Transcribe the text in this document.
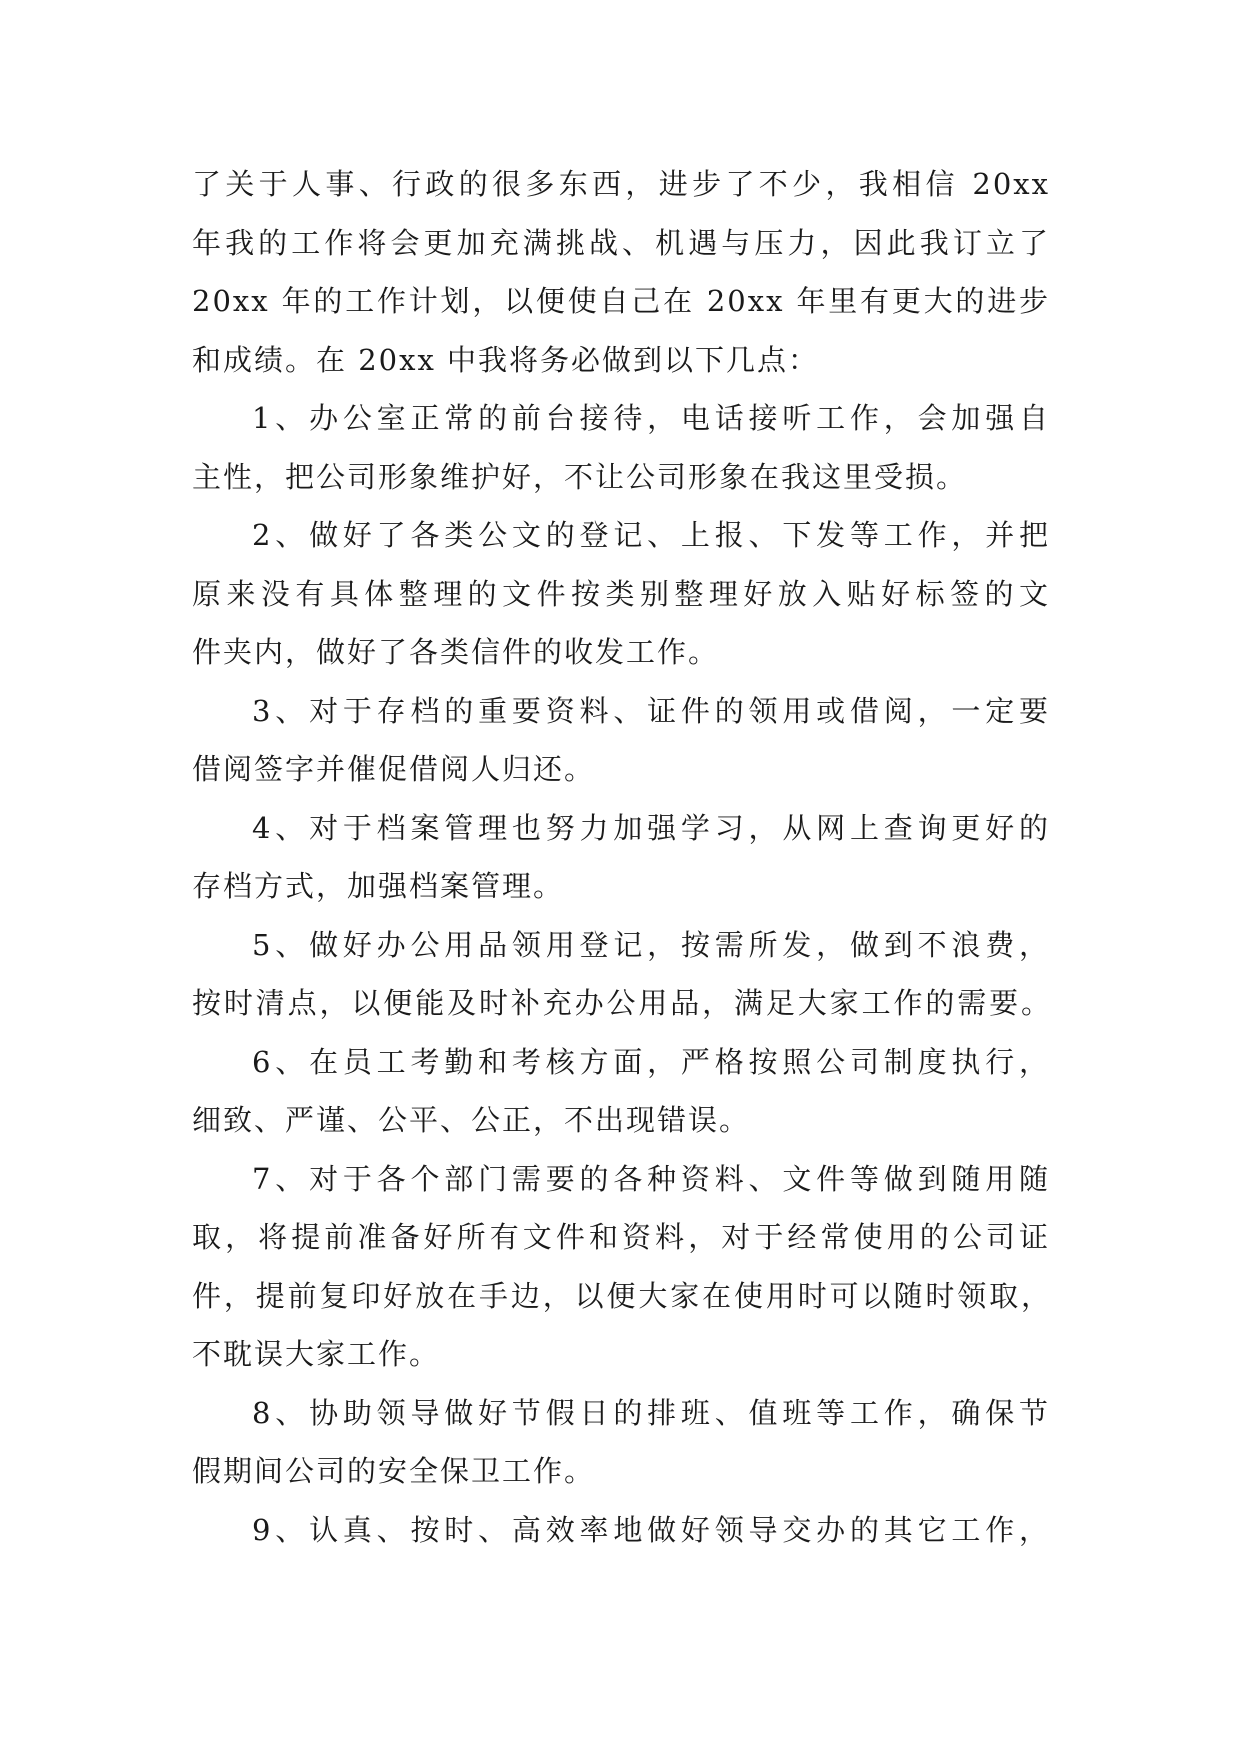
了关于人事、行政的很多东西，进步了不少，我相信 20xx
年我的工作将会更加充满挑战、机遇与压力，因此我订立了
20xx 年的工作计划，以便使自己在 20xx 年里有更大的进步
和成绩。在 20xx 中我将务必做到以下几点：
1、办公室正常的前台接待，电话接听工作，会加强自
主性，把公司形象维护好，不让公司形象在我这里受损。
2、做好了各类公文的登记、上报、下发等工作，并把
原来没有具体整理的文件按类别整理好放入贴好标签的文
件夹内，做好了各类信件的收发工作。
3、对于存档的重要资料、证件的领用或借阅，一定要
借阅签字并催促借阅人归还。
4、对于档案管理也努力加强学习，从网上查询更好的
存档方式，加强档案管理。
5、做好办公用品领用登记，按需所发，做到不浪费，
按时清点，以便能及时补充办公用品，满足大家工作的需要。
6、在员工考勤和考核方面，严格按照公司制度执行，
细致、严谨、公平、公正，不出现错误。
7、对于各个部门需要的各种资料、文件等做到随用随
取，将提前准备好所有文件和资料，对于经常使用的公司证
件，提前复印好放在手边，以便大家在使用时可以随时领取，
不耽误大家工作。
8、协助领导做好节假日的排班、值班等工作，确保节
假期间公司的安全保卫工作。
9、认真、按时、高效率地做好领导交办的其它工作，
